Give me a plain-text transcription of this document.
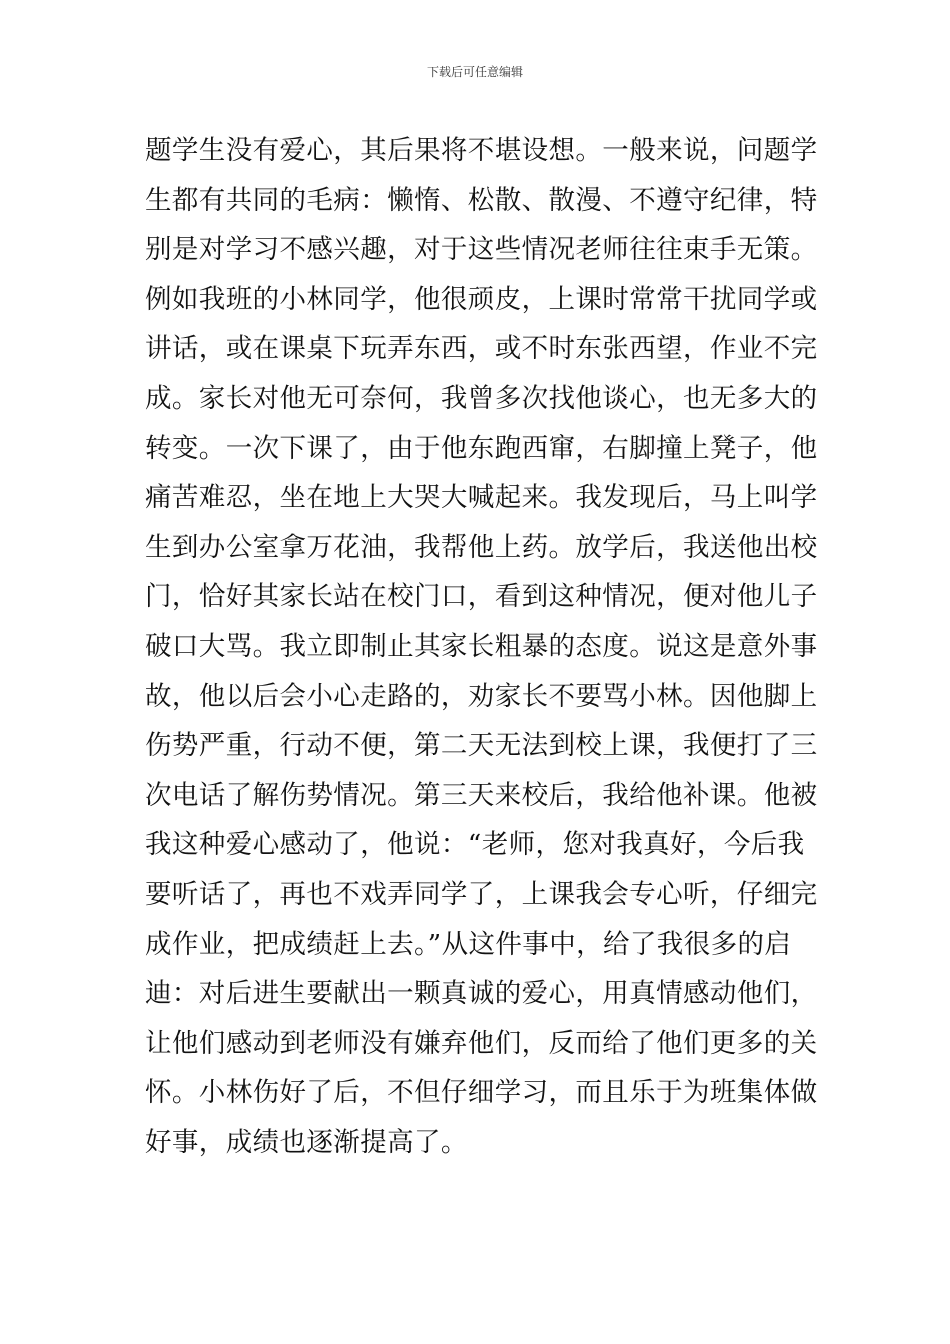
下载后可任意编辑
题学生没有爱心，其后果将不堪设想。一般来说，问题学
生都有共同的毛病：懒惰、松散、散漫、不遵守纪律，特
别是对学习不感兴趣，对于这些情况老师往往束手无策。
例如我班的小林同学，他很顽皮，上课时常常干扰同学或
讲话，或在课桌下玩弄东西，或不时东张西望，作业不完
成。家长对他无可奈何，我曾多次找他谈心，也无多大的
转变。一次下课了，由于他东跑西窜，右脚撞上凳子，他
痛苦难忍，坐在地上大哭大喊起来。我发现后，马上叫学
生到办公室拿万花油，我帮他上药。放学后，我送他出校
门，恰好其家长站在校门口，看到这种情况，便对他儿子
破口大骂。我立即制止其家长粗暴的态度。说这是意外事
故，他以后会小心走路的，劝家长不要骂小林。因他脚上
伤势严重，行动不便，第二天无法到校上课，我便打了三
次电话了解伤势情况。第三天来校后，我给他补课。他被
我这种爱心感动了，他说：“老师，您对我真好，今后我
要听话了，再也不戏弄同学了，上课我会专心听，仔细完
成作业，把成绩赶上去。”从这件事中，给了我很多的启
迪：对后进生要献出一颗真诚的爱心，用真情感动他们，
让他们感动到老师没有嫌弃他们，反而给了他们更多的关
怀。小林伤好了后，不但仔细学习，而且乐于为班集体做
好事，成绩也逐渐提高了。
